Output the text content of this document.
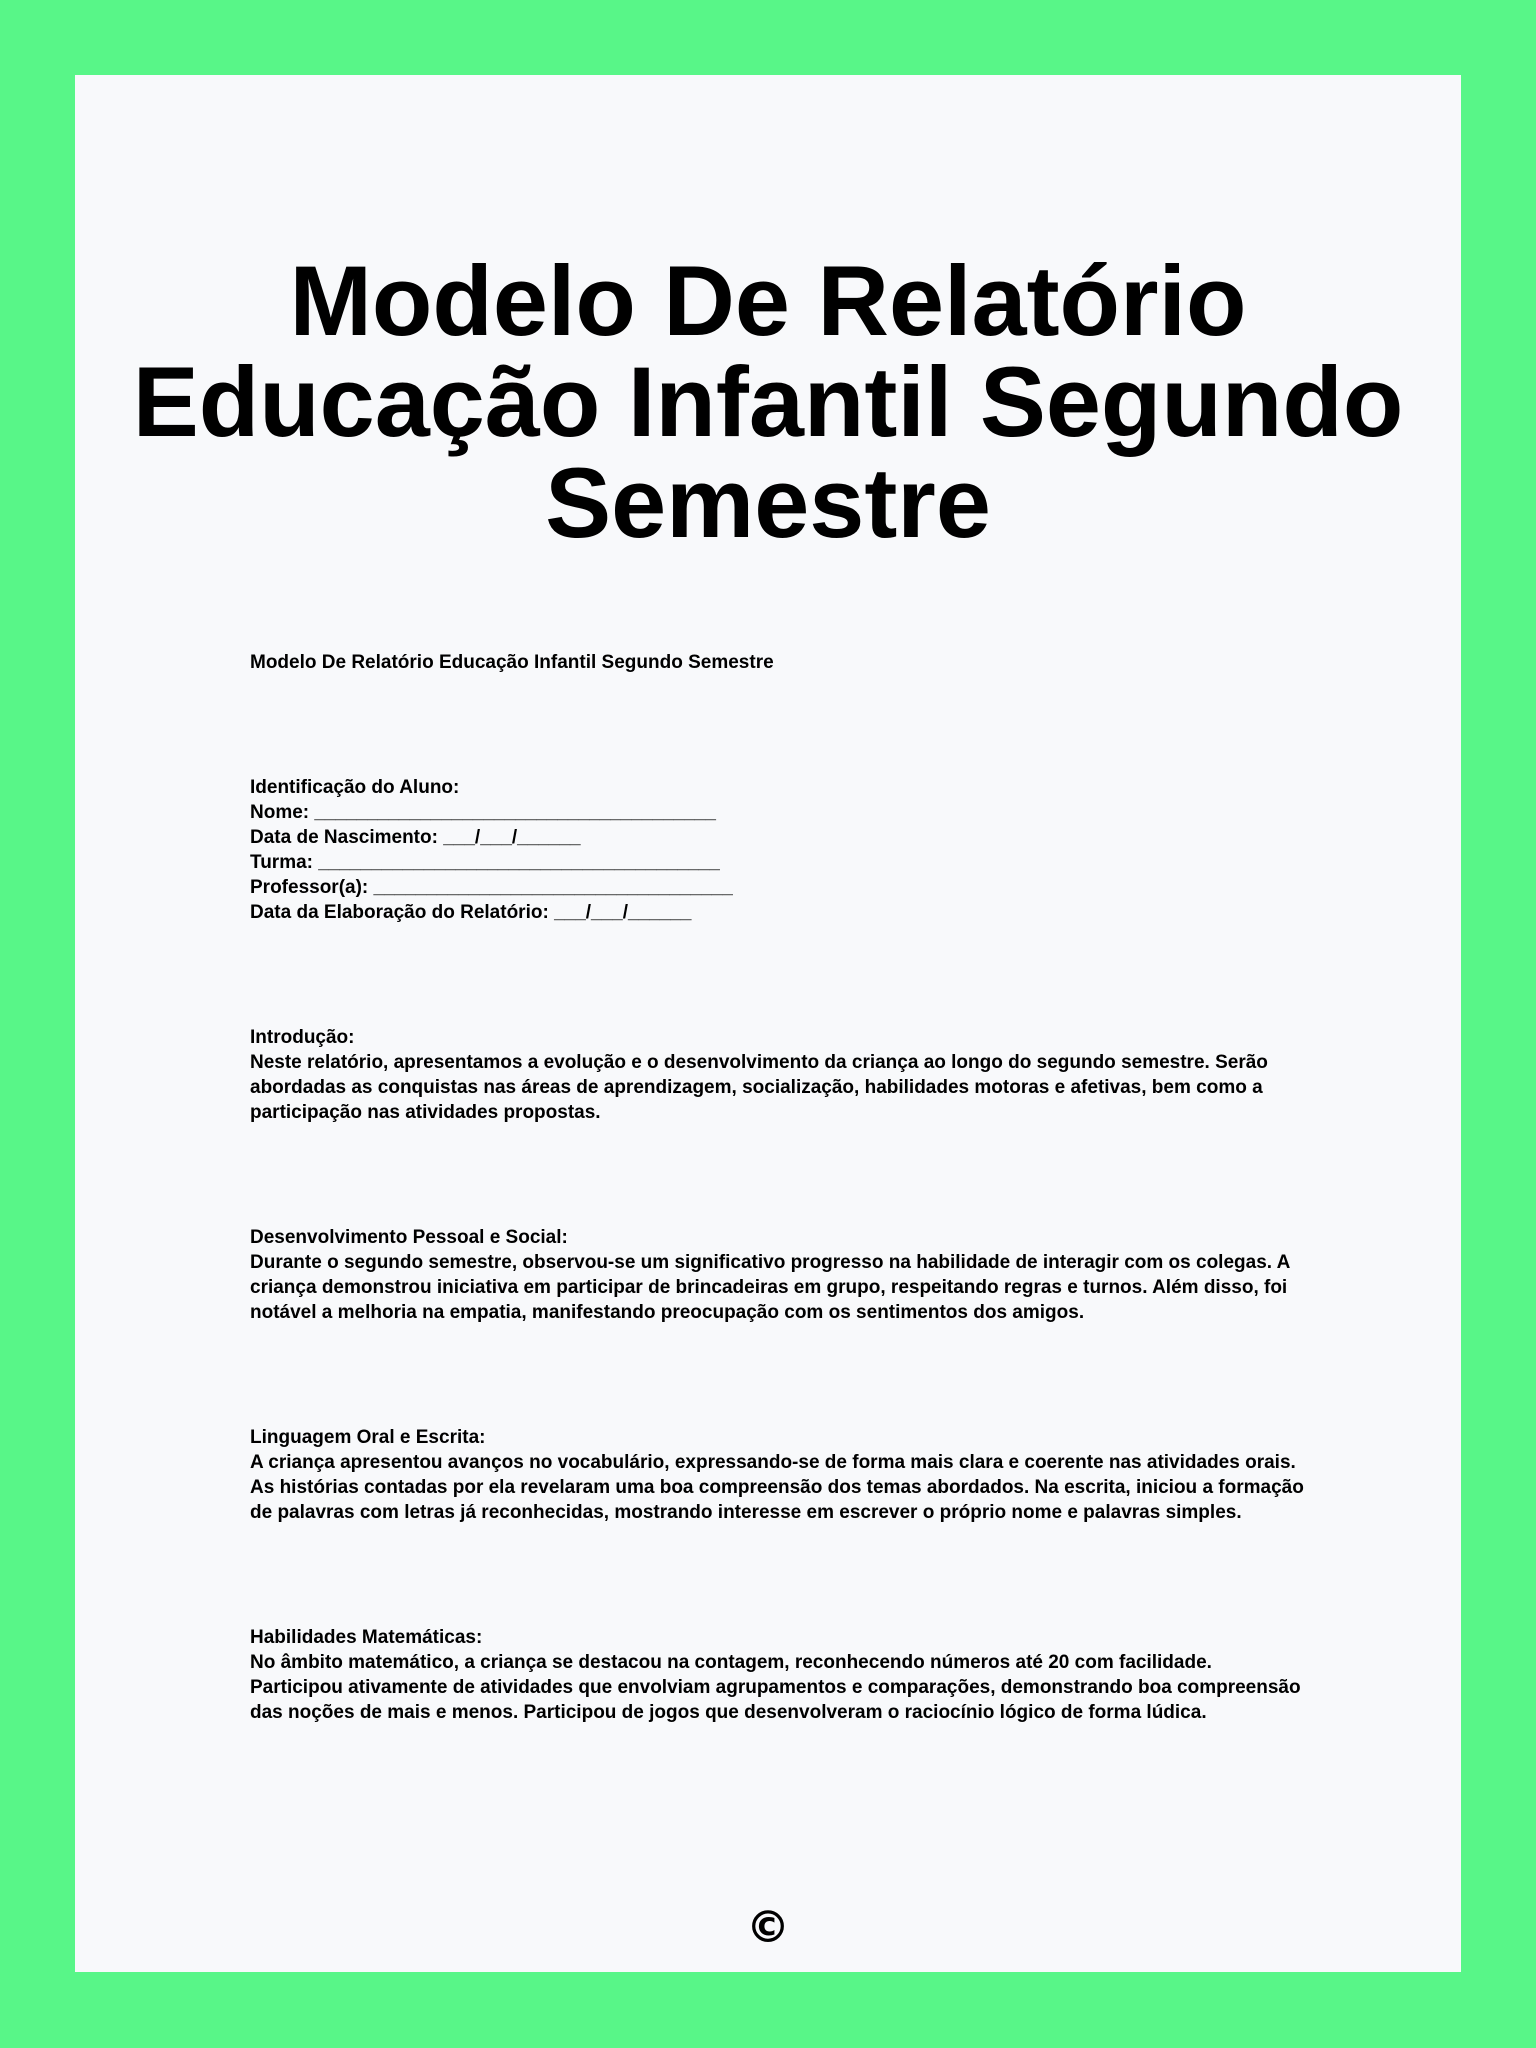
Modelo De Relatório
Educação Infantil Segundo
Semestre

Modelo De Relatório Educação Infantil Segundo Semestre

Identificação do Aluno:
Nome: ______________________________________
Data de Nascimento: ___/___/______
Turma: ______________________________________
Professor(a): __________________________________
Data da Elaboração do Relatório: ___/___/______
Introdução:
Neste relatório, apresentamos a evolução e o desenvolvimento da criança ao longo do segundo semestre. Serão abordadas as conquistas nas áreas de aprendizagem, socialização, habilidades motoras e afetivas, bem como a participação nas atividades propostas.
Desenvolvimento Pessoal e Social:
Durante o segundo semestre, observou-se um significativo progresso na habilidade de interagir com os colegas. A criança demonstrou iniciativa em participar de brincadeiras em grupo, respeitando regras e turnos. Além disso, foi notável a melhoria na empatia, manifestando preocupação com os sentimentos dos amigos.
Linguagem Oral e Escrita:
A criança apresentou avanços no vocabulário, expressando-se de forma mais clara e coerente nas atividades orais. As histórias contadas por ela revelaram uma boa compreensão dos temas abordados. Na escrita, iniciou a formação de palavras com letras já reconhecidas, mostrando interesse em escrever o próprio nome e palavras simples.
Habilidades Matemáticas:
No âmbito matemático, a criança se destacou na contagem, reconhecendo números até 20 com facilidade. Participou ativamente de atividades que envolviam agrupamentos e comparações, demonstrando boa compreensão das noções de mais e menos. Participou de jogos que desenvolveram o raciocínio lógico de forma lúdica.
©
